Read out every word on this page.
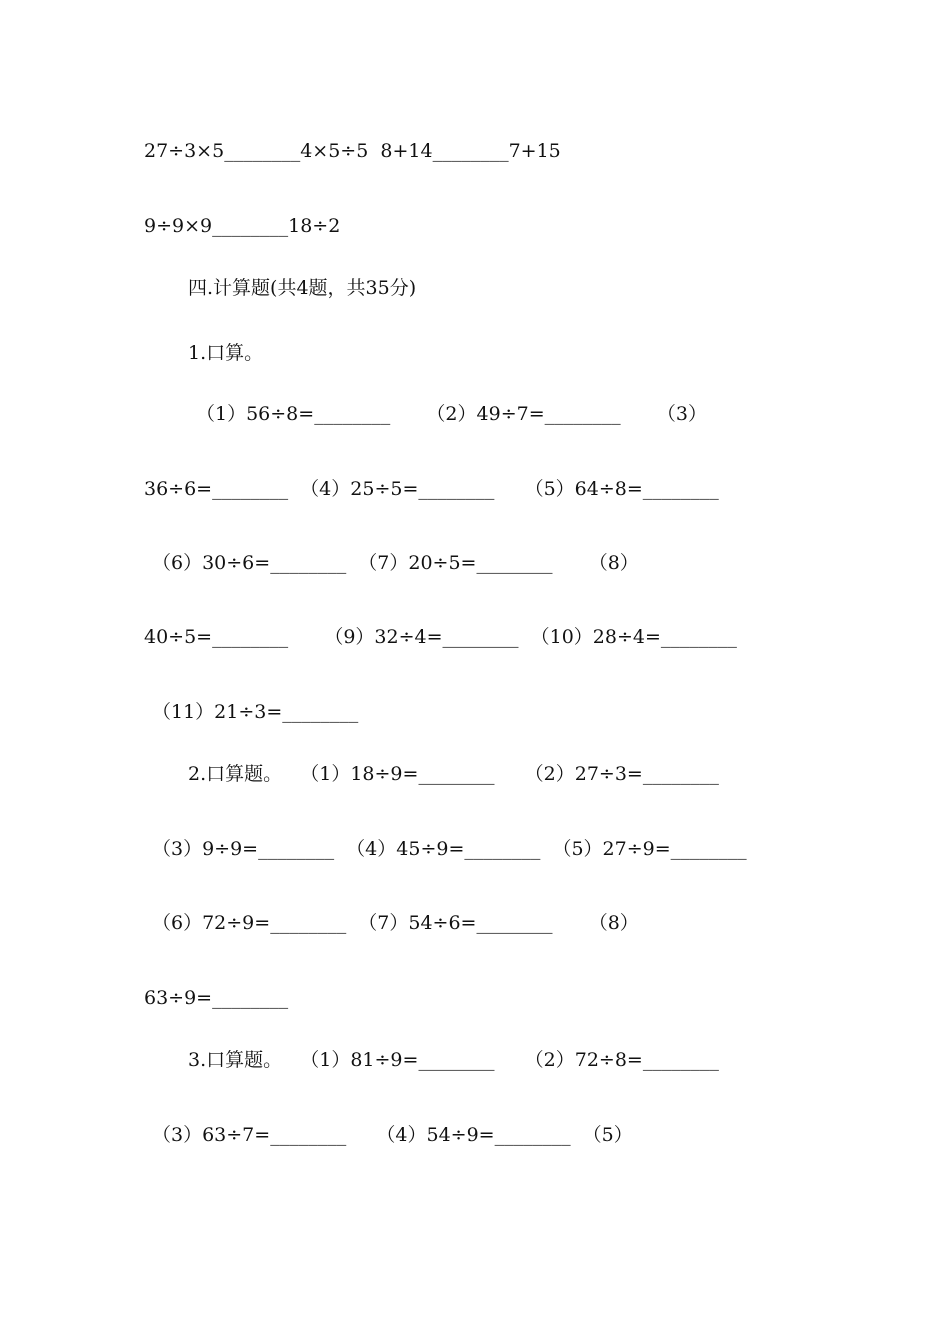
27÷3×5________4×5÷5  8+14________7+15
9÷9×9________18÷2
四.计算题(共4题，共35分)
1.口算。
（1）56÷8=________      （2）49÷7=________      （3）
36÷6=________  （4）25÷5=________     （5）64÷8=________
（6）30÷6=________  （7）20÷5=________      （8）
40÷5=________      （9）32÷4=________  （10）28÷4=________
（11）21÷3=________
2.口算题。   （1）18÷9=________     （2）27÷3=________
（3）9÷9=________  （4）45÷9=________  （5）27÷9=________
（6）72÷9=________  （7）54÷6=________      （8）
63÷9=________
3.口算题。   （1）81÷9=________     （2）72÷8=________
（3）63÷7=________     （4）54÷9=________  （5）
